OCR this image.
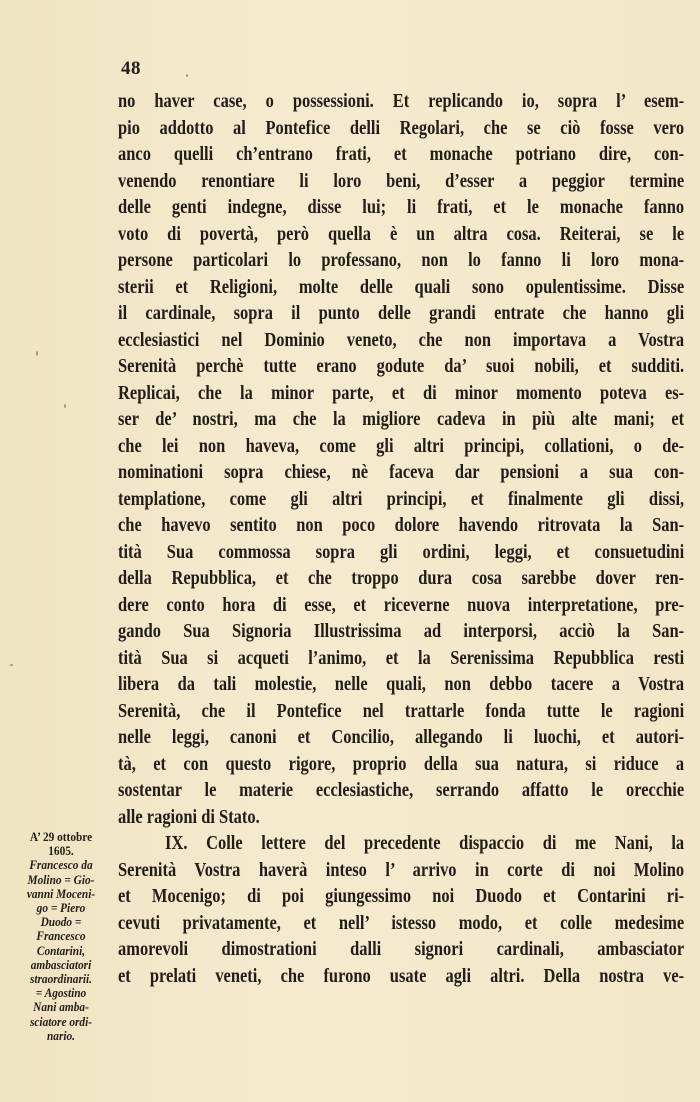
48
no haver case, o possessioni. Et replicando io, sopra l’ esem-
pio addotto al Pontefice delli Regolari, che se ciò fosse vero
anco quelli ch’entrano frati, et monache potriano dire, con-
venendo renontiare li loro beni, d’esser a peggior termine
delle genti indegne, disse lui; li frati, et le monache fanno
voto di povertà, però quella è un altra cosa. Reiterai, se le
persone particolari lo professano, non lo fanno li loro mona-
sterii et Religioni, molte delle quali sono opulentissime. Disse
il cardinale, sopra il punto delle grandi entrate che hanno gli
ecclesiastici nel Dominio veneto, che non importava a Vostra
Serenità perchè tutte erano godute da’ suoi nobili, et sudditi.
Replicai, che la minor parte, et di minor momento poteva es-
ser de’ nostri, ma che la migliore cadeva in più alte mani; et
che lei non haveva, come gli altri principi, collationi, o de-
nominationi sopra chiese, nè faceva dar pensioni a sua con-
templatione, come gli altri principi, et finalmente gli dissi,
che havevo sentito non poco dolore havendo ritrovata la San-
tità Sua commossa sopra gli ordini, leggi, et consuetudini
della Repubblica, et che troppo dura cosa sarebbe dover ren-
dere conto hora di esse, et riceverne nuova interpretatione, pre-
gando Sua Signoria Illustrissima ad interporsi, acciò la San-
tità Sua si acqueti l’animo, et la Serenissima Repubblica resti
libera da tali molestie, nelle quali, non debbo tacere a Vostra
Serenità, che il Pontefice nel trattarle fonda tutte le ragioni
nelle leggi, canoni et Concilio, allegando li luochi, et autori-
tà, et con questo rigore, proprio della sua natura, si riduce a
sostentar le materie ecclesiastiche, serrando affatto le orecchie
alle ragioni di Stato.
IX. Colle lettere del precedente dispaccio di me Nani, la
Serenità Vostra haverà inteso l’ arrivo in corte di noi Molino
et Mocenigo; di poi giungessimo noi Duodo et Contarini ri-
cevuti privatamente, et nell’ istesso modo, et colle medesime
amorevoli dimostrationi dalli signori cardinali, ambasciator
et prelati veneti, che furono usate agli altri. Della nostra ve-
A’ 29 ottobre
1605.
Francesco da
Molino = Gio-
vanni Moceni-
go = Piero
Duodo =
Francesco
Contarini,
ambasciatori
straordinarii.
= Agostino
Nani amba-
sciatore ordi-
nario.
